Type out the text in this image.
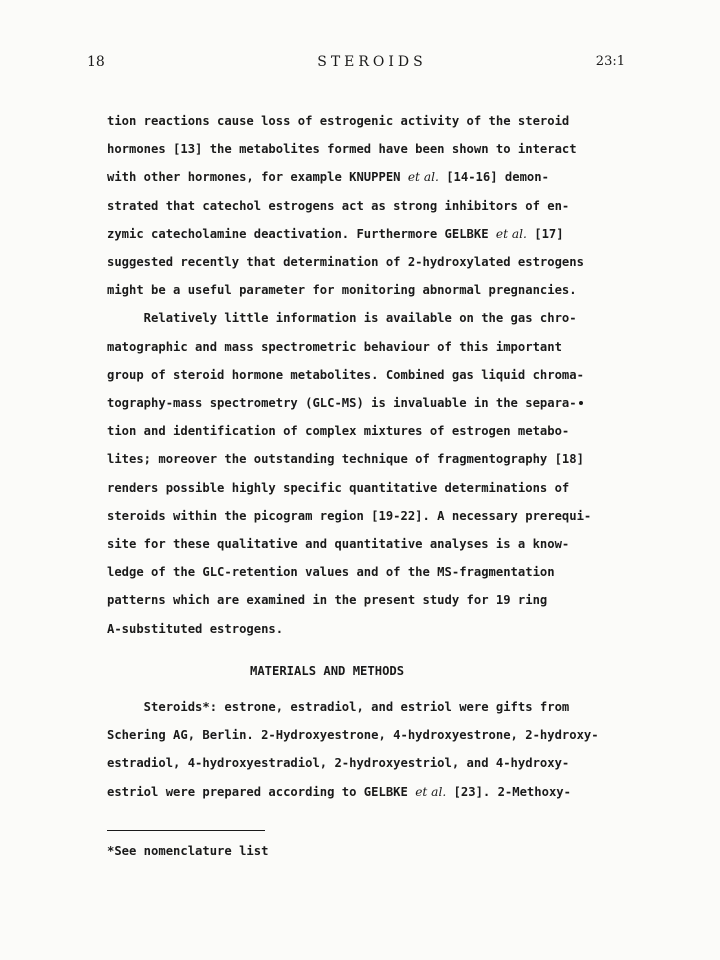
18	STEROIDS	23:1
tion reactions cause loss of estrogenic activity of the steroid
hormones [13] the metabolites formed have been shown to interact
with other hormones, for example KNUPPEN et al. [14-16] demon-
strated that catechol estrogens act as strong inhibitors of en-
zymic catecholamine deactivation. Furthermore GELBKE et al. [17]
suggested recently that determination of 2-hydroxylated estrogens
might be a useful parameter for monitoring abnormal pregnancies.
Relatively little information is available on the gas chro-
matographic and mass spectrometric behaviour of this important
group of steroid hormone metabolites. Combined gas liquid chroma-
tography-mass spectrometry (GLC-MS) is invaluable in the separa-
tion and identification of complex mixtures of estrogen metabo-
lites; moreover the outstanding technique of fragmentography [18]
renders possible highly specific quantitative determinations of
steroids within the picogram region [19-22]. A necessary prerequi-
site for these qualitative and quantitative analyses is a know-
ledge of the GLC-retention values and of the MS-fragmentation
patterns which are examined in the present study for 19 ring
A-substituted estrogens.
MATERIALS AND METHODS
Steroids*: estrone, estradiol, and estriol were gifts from
Schering AG, Berlin. 2-Hydroxyestrone, 4-hydroxyestrone, 2-hydroxy-
estradiol, 4-hydroxyestradiol, 2-hydroxyestriol, and 4-hydroxy-
estriol were prepared according to GELBKE et al. [23]. 2-Methoxy-
*See nomenclature list
